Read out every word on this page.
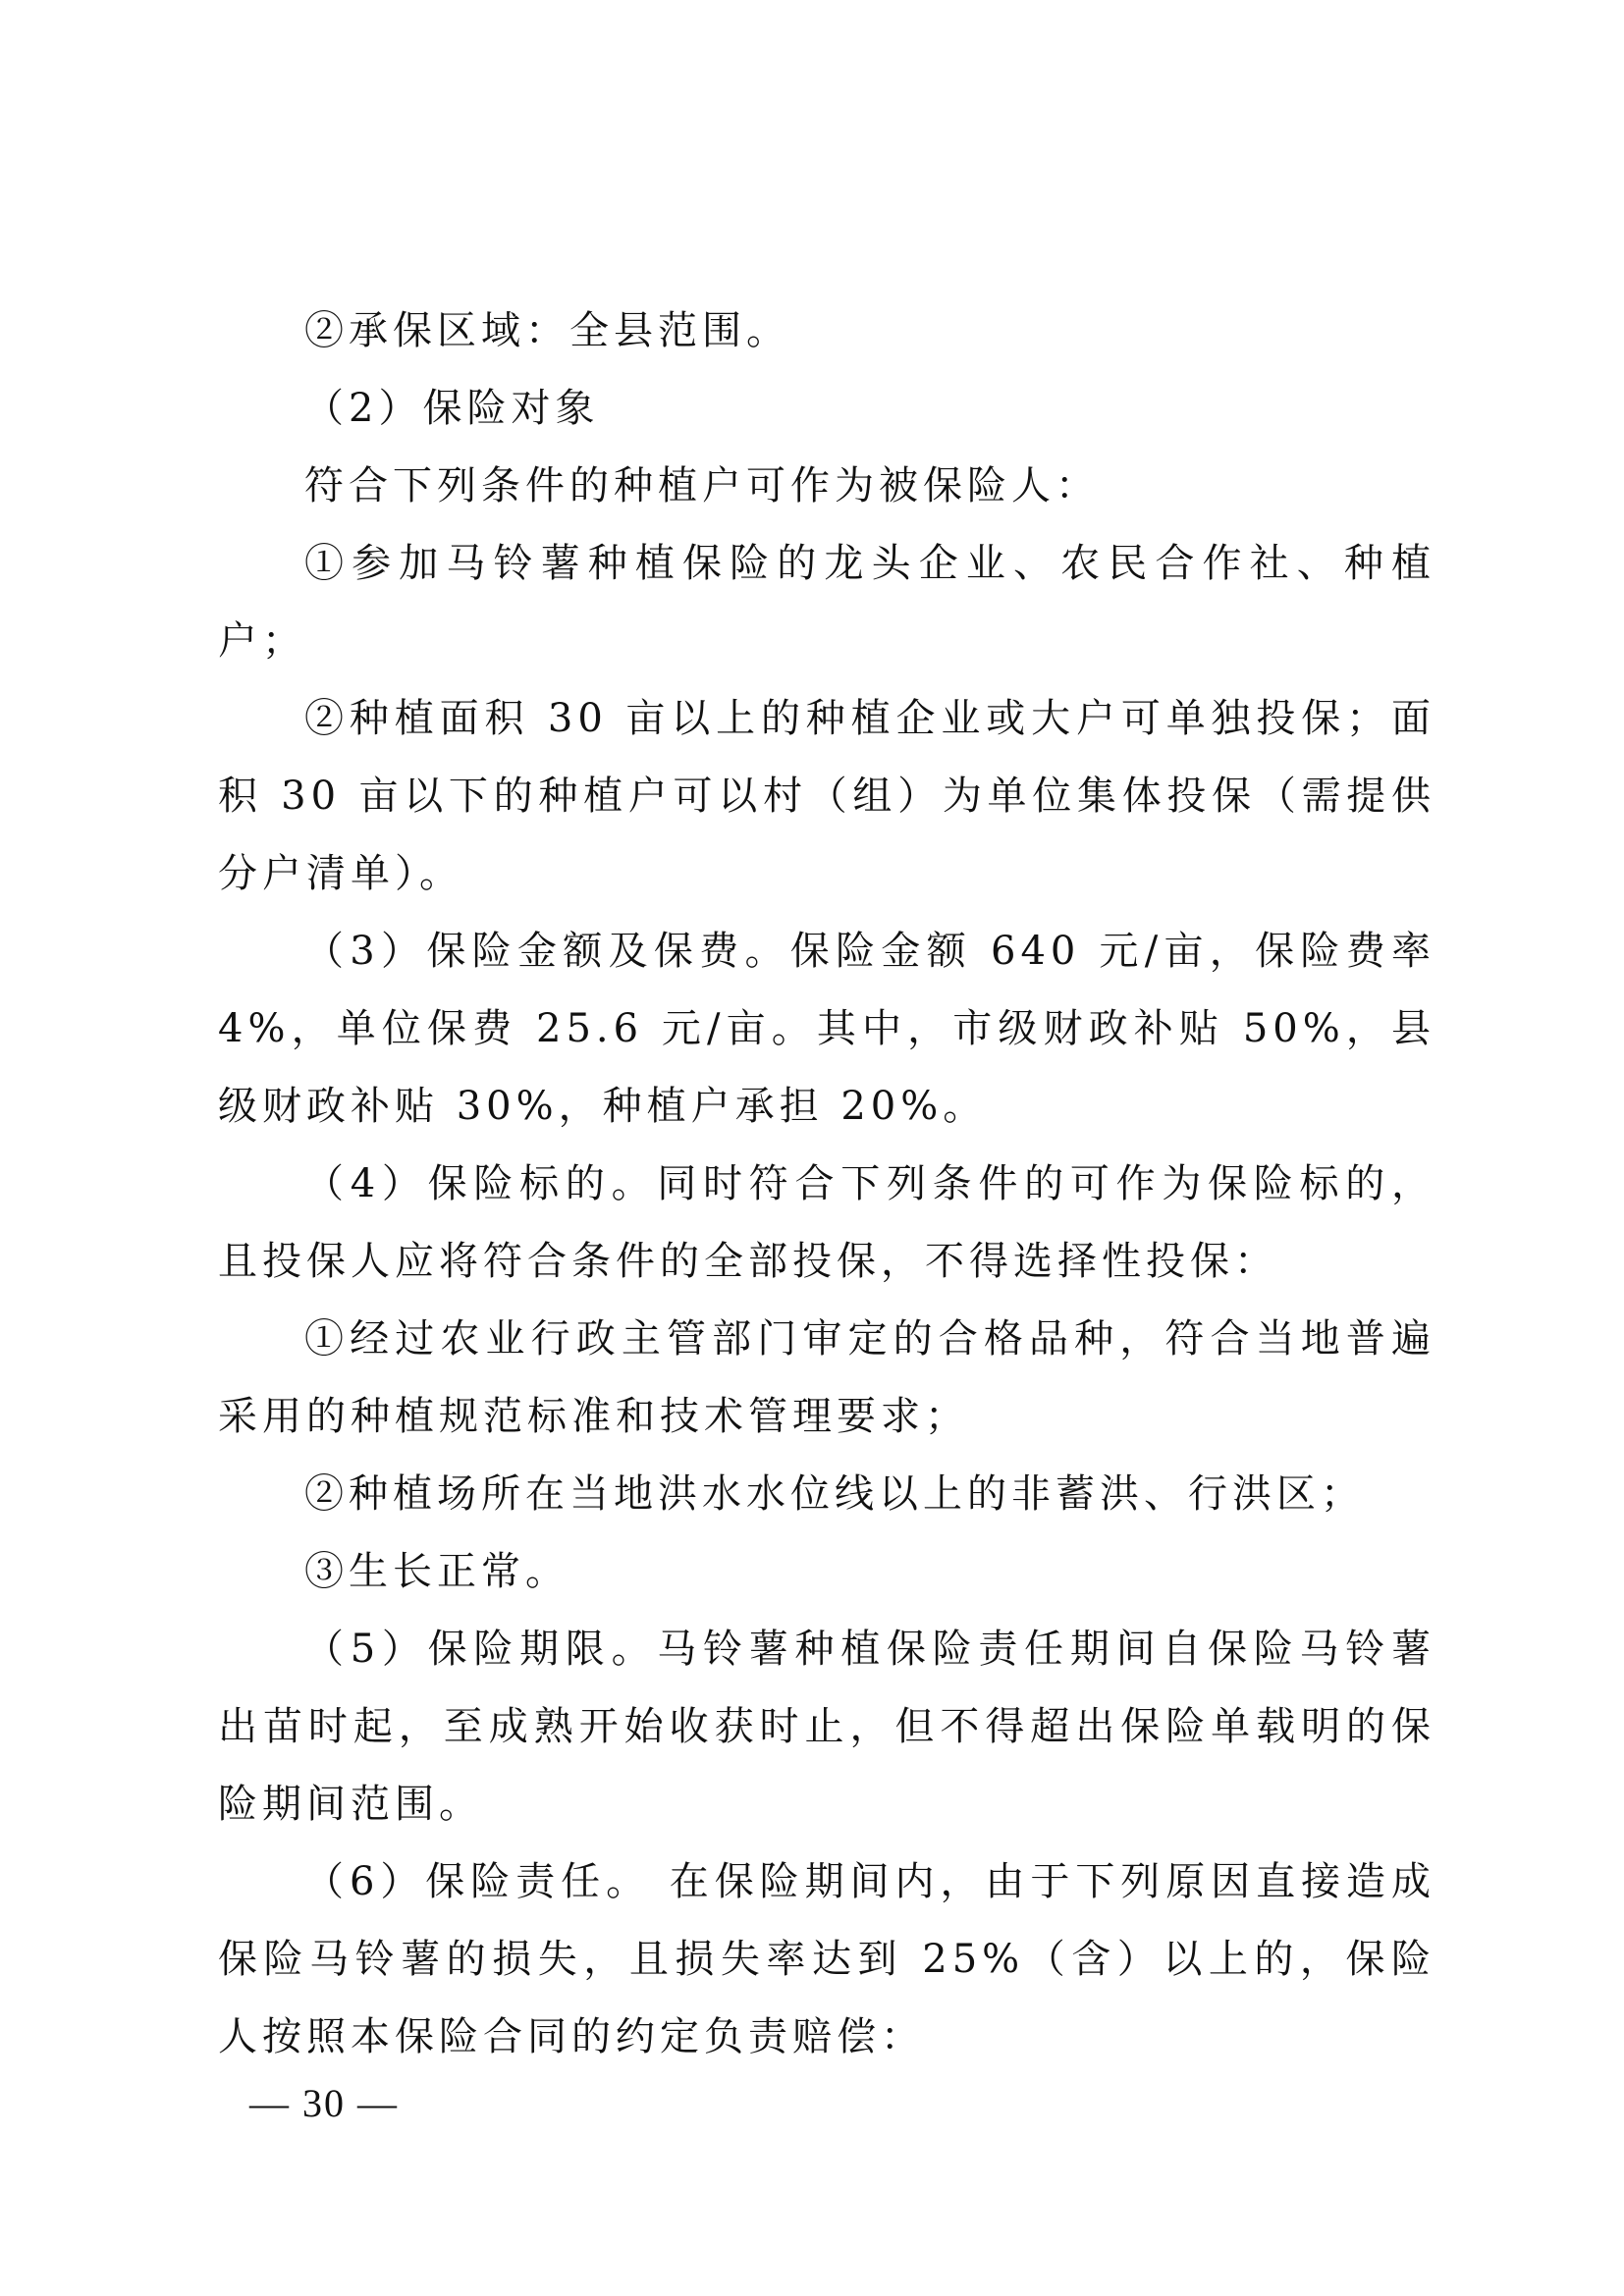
②承保区域：全县范围。

（2）保险对象

符合下列条件的种植户可作为被保险人：

①参加马铃薯种植保险的龙头企业、农民合作社、种植户；

②种植面积 30 亩以上的种植企业或大户可单独投保；面积 30 亩以下的种植户可以村（组）为单位集体投保（需提供分户清单）。

（3）保险金额及保费。保险金额 640 元/亩，保险费率 4%，单位保费 25.6 元/亩。其中，市级财政补贴 50%，县级财政补贴 30%，种植户承担 20%。

（4）保险标的。同时符合下列条件的可作为保险标的，且投保人应将符合条件的全部投保，不得选择性投保：

①经过农业行政主管部门审定的合格品种，符合当地普遍采用的种植规范标准和技术管理要求；

②种植场所在当地洪水水位线以上的非蓄洪、行洪区；

③生长正常。

（5）保险期限。马铃薯种植保险责任期间自保险马铃薯出苗时起，至成熟开始收获时止，但不得超出保险单载明的保险期间范围。

（6）保险责任。 在保险期间内，由于下列原因直接造成保险马铃薯的损失，且损失率达到 25%（含）以上的，保险人按照本保险合同的约定负责赔偿：

— 30 —
